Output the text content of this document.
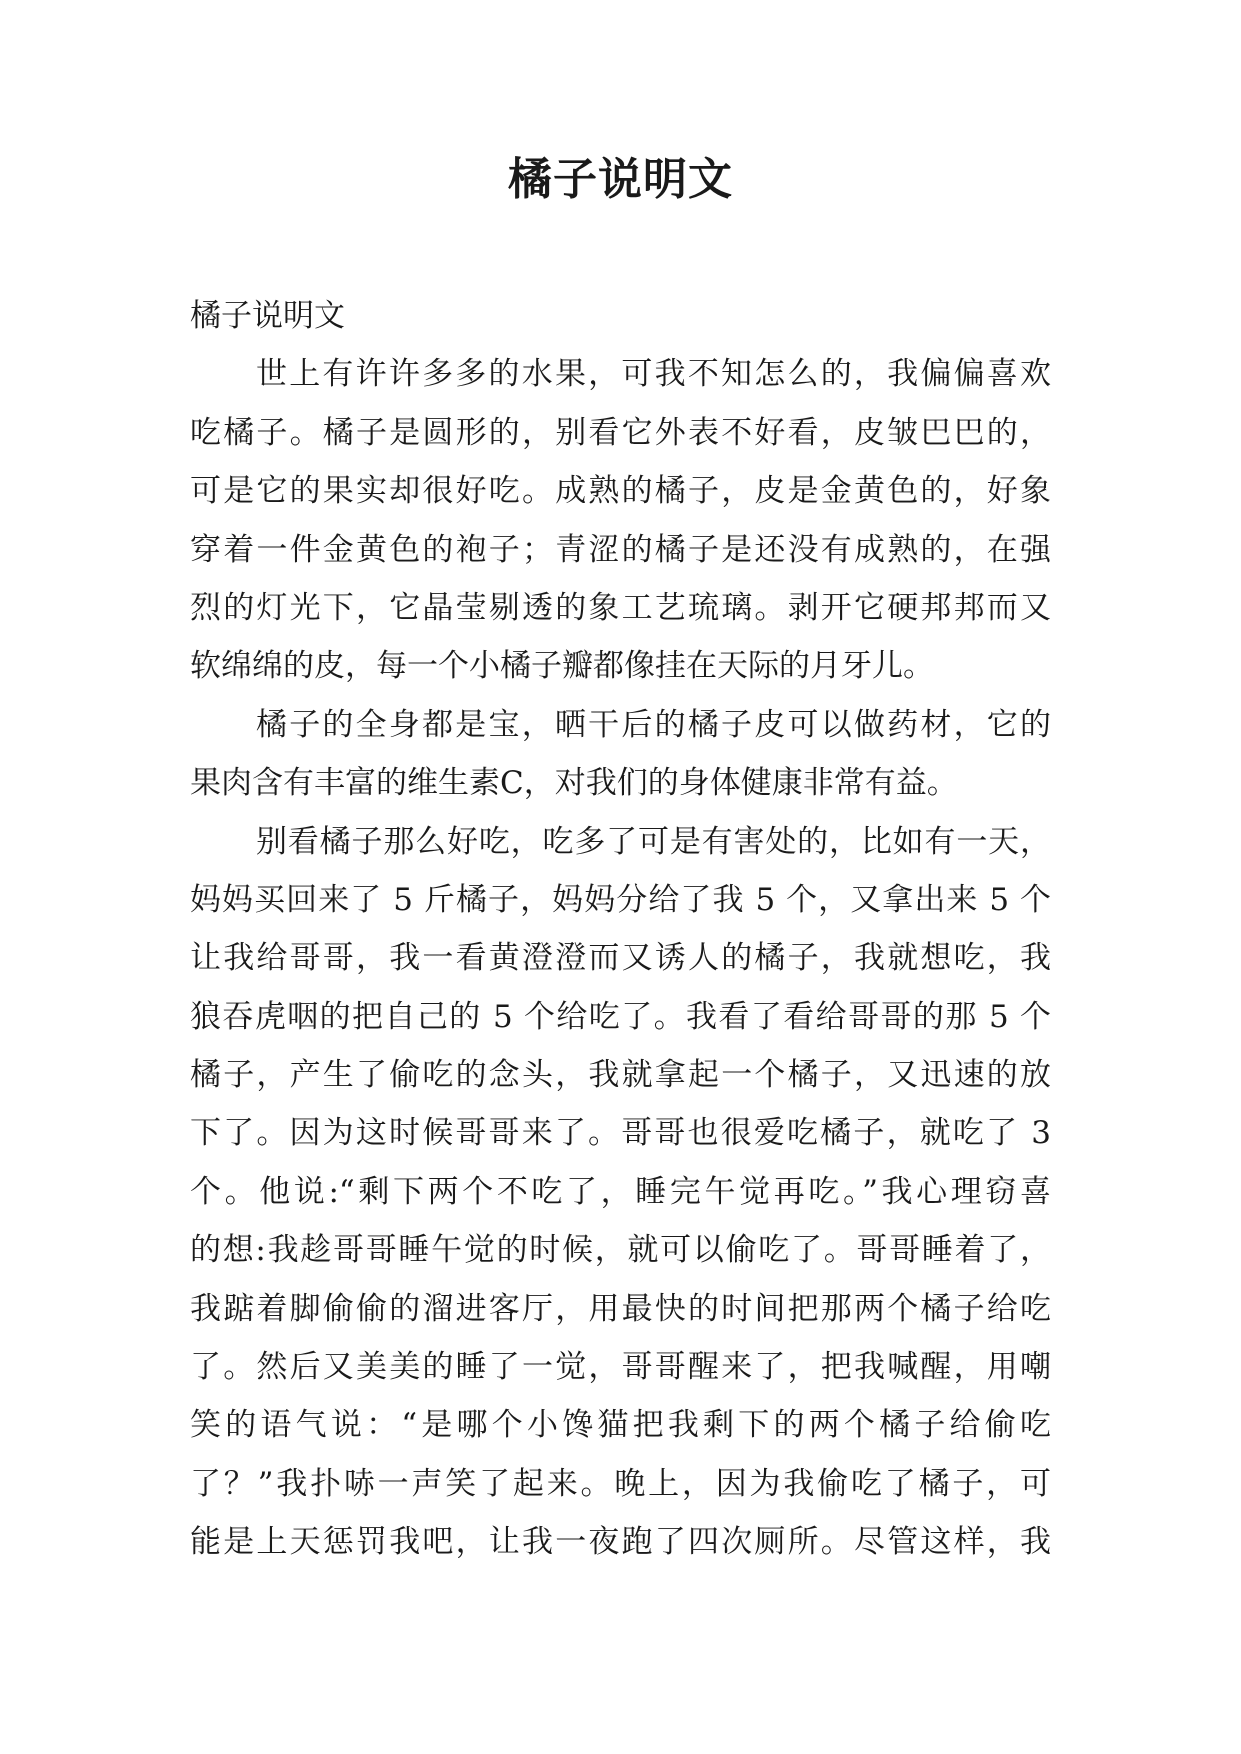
橘子说明文
橘子说明文
世上有许许多多的水果，可我不知怎么的，我偏偏喜欢
吃橘子。橘子是圆形的，别看它外表不好看，皮皱巴巴的，
可是它的果实却很好吃。成熟的橘子，皮是金黄色的，好象
穿着一件金黄色的袍子；青涩的橘子是还没有成熟的，在强
烈的灯光下，它晶莹剔透的象工艺琉璃。剥开它硬邦邦而又
软绵绵的皮，每一个小橘子瓣都像挂在天际的月牙儿。
橘子的全身都是宝，晒干后的橘子皮可以做药材，它的
果肉含有丰富的维生素C，对我们的身体健康非常有益。
别看橘子那么好吃，吃多了可是有害处的，比如有一天，
妈妈买回来了 5 斤橘子，妈妈分给了我 5 个，又拿出来 5 个
让我给哥哥，我一看黄澄澄而又诱人的橘子，我就想吃，我
狼吞虎咽的把自己的 5 个给吃了。我看了看给哥哥的那 5 个
橘子，产生了偷吃的念头，我就拿起一个橘子，又迅速的放
下了。因为这时候哥哥来了。哥哥也很爱吃橘子，就吃了 3
个。他说:“剩下两个不吃了，睡完午觉再吃。”我心理窃喜
的想:我趁哥哥睡午觉的时候，就可以偷吃了。哥哥睡着了，
我踮着脚偷偷的溜进客厅，用最快的时间把那两个橘子给吃
了。然后又美美的睡了一觉，哥哥醒来了，把我喊醒，用嘲
笑的语气说：“是哪个小馋猫把我剩下的两个橘子给偷吃
了？”我扑哧一声笑了起来。晚上，因为我偷吃了橘子，可
能是上天惩罚我吧，让我一夜跑了四次厕所。尽管这样，我
